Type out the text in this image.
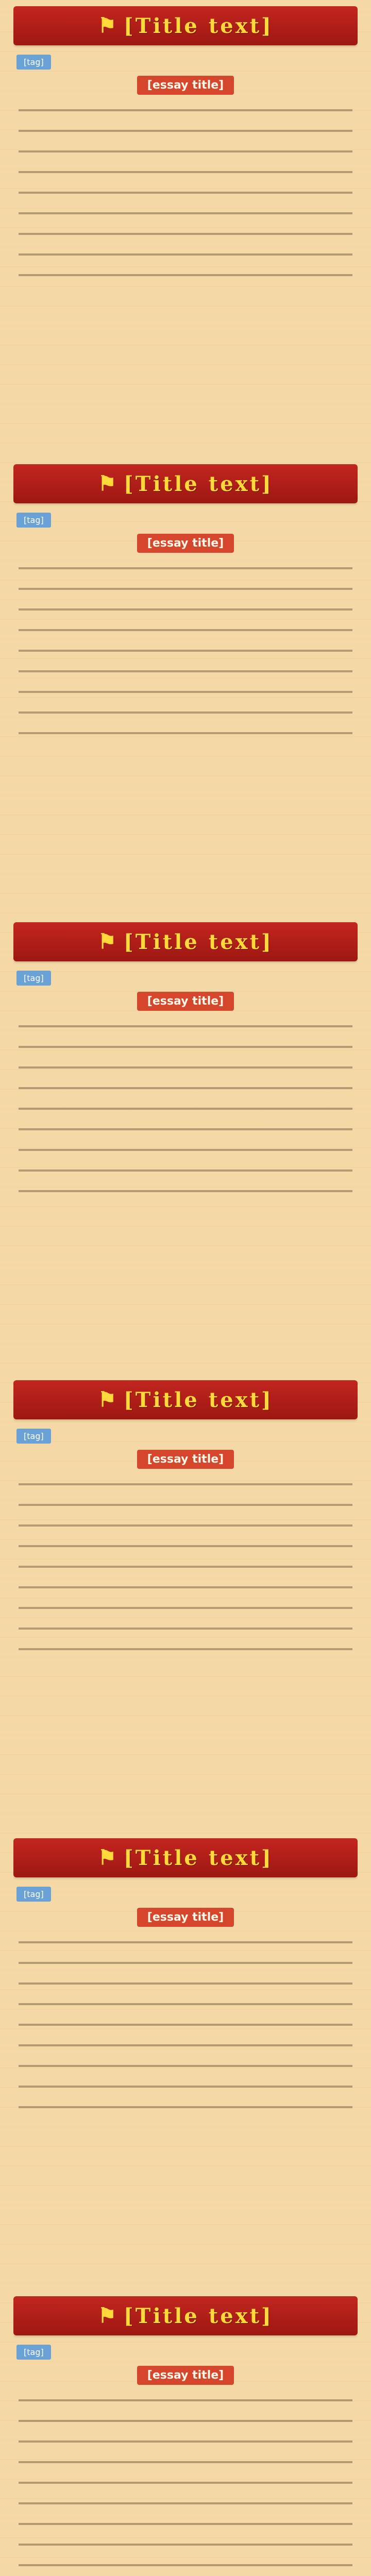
⚑ [Title text]
[tag]
[essay title]

⚑ [Title text]
[tag]
[essay title]

⚑ [Title text]
[tag]
[essay title]

⚑ [Title text]
[tag]
[essay title]

⚑ [Title text]
[tag]
[essay title]

⚑ [Title text]
[tag]
[essay title]
